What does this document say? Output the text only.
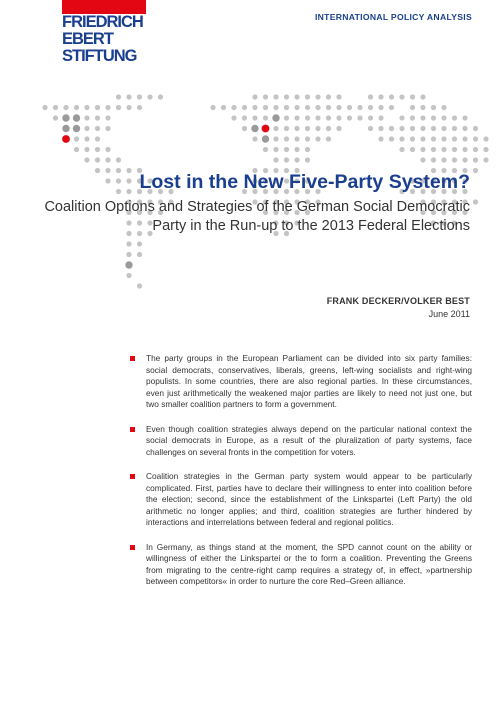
FRIEDRICH
EBERT
STIFTUNG
INTERNATIONAL POLICY ANALYSIS
Lost in the New Five-Party System?

Coalition Options and Strategies of the German Social Democratic Party in the Run-up to the 2013 Federal Elections

FRANK DECKER/VOLKER BEST
June 2011
The party groups in the European Parliament can be divided into six party families: social democrats, conservatives, liberals, greens, left-wing socialists and right-wing populists. In some countries, there are also regional parties. In these circumstances, even just arithmetically the weakened major parties are likely to need not just one, but two smaller coalition partners to form a government.
Even though coalition strategies always depend on the particular national context the social democrats in Europe, as a result of the pluralization of party systems, face challenges on several fronts in the competition for voters.
Coalition strategies in the German party system would appear to be particularly complicated. First, parties have to declare their willingness to enter into coalition before the election; second, since the establishment of the Linkspartei (Left Party) the old arithmetic no longer applies; and third, coalition strategies are further hindered by interactions and interrelations between federal and regional politics.
In Germany, as things stand at the moment, the SPD cannot count on the ability or willingness of either the Linkspartei or the to form a coalition. Preventing the Greens from migrating to the centre-right camp requires a strategy of, in effect, »partnership between competitors« in order to nurture the core Red–Green alliance.
